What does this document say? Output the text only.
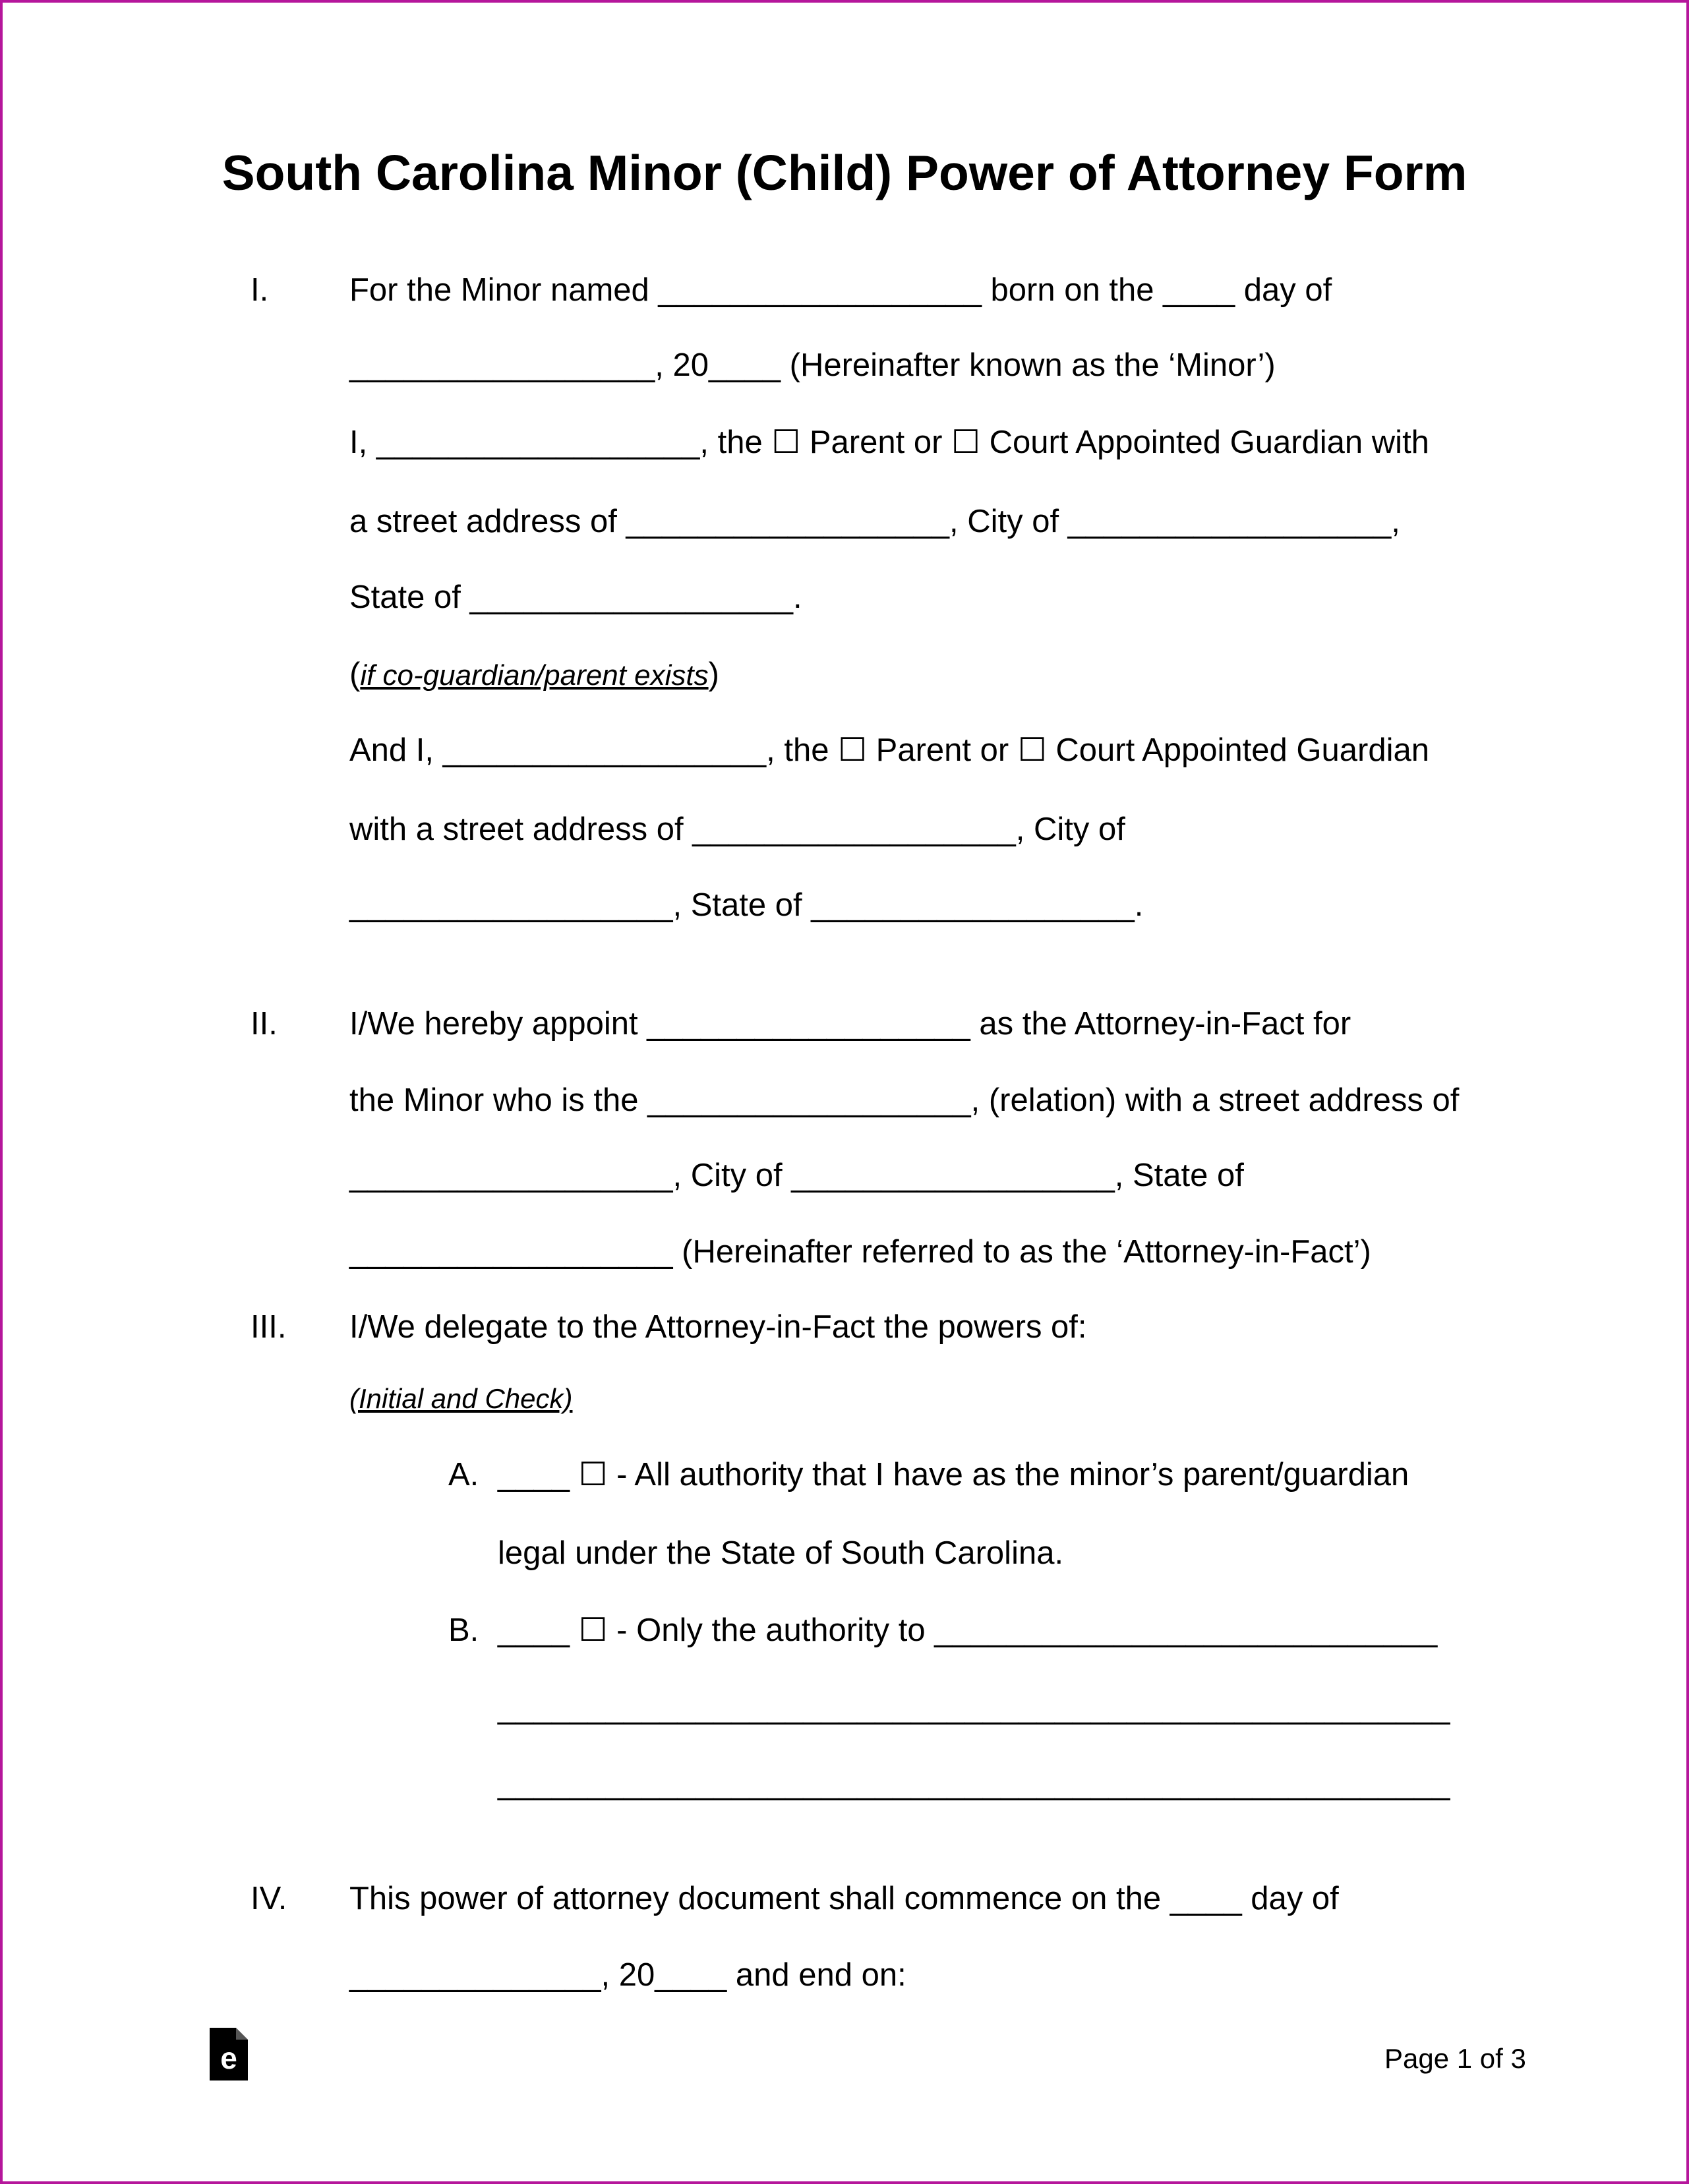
South Carolina Minor (Child) Power of Attorney Form
I.	For the Minor named __________________ born on the ____ day of
_________________, 20____ (Hereinafter known as the ‘Minor’)
I, __________________, the ☐ Parent or ☐ Court Appointed Guardian with
a street address of __________________, City of __________________,
State of __________________.
(if co-guardian/parent exists)
And I, __________________, the ☐ Parent or ☐ Court Appointed Guardian
with a street address of __________________, City of
__________________, State of __________________.
II. I/We hereby appoint __________________ as the Attorney-in-Fact for
the Minor who is the __________________, (relation) with a street address of
__________________, City of __________________, State of
__________________ (Hereinafter referred to as the ‘Attorney-in-Fact’)
III. I/We delegate to the Attorney-in-Fact the powers of:
(Initial and Check)
A. ____ ☐ - All authority that I have as the minor’s parent/guardian
legal under the State of South Carolina.
B. ____ ☐ - Only the authority to ____________________________
_____________________________________________________
_____________________________________________________
IV. This power of attorney document shall commence on the ____ day of
______________, 20____ and end on:
e	Page 1 of 3
